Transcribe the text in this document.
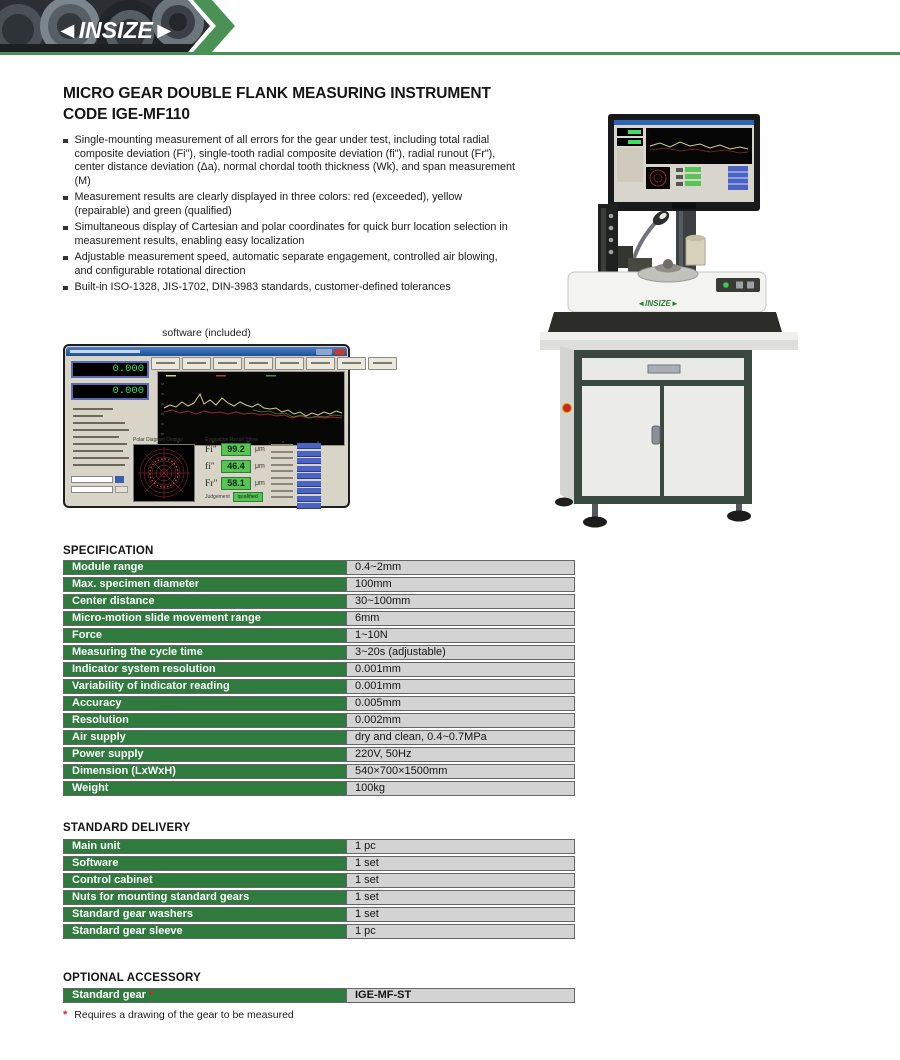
◄INSIZE►
MICRO GEAR DOUBLE FLANK MEASURING INSTRUMENT
CODE IGE-MF110
Single-mounting measurement of all errors for the gear under test, including total radial composite deviation (Fi"), single-tooth radial composite deviation (fi"), radial runout (Fr"), center distance deviation (Δa), normal chordal tooth thickness (Wk), and span measurement (M)
Measurement results are clearly displayed in three colors: red (exceeded), yellow (repairable) and green (qualified)
Simultaneous display of Cartesian and polar coordinates for quick burr location selection in measurement results, enabling easy localization
Adjustable measurement speed, automatic separate engagement, controlled air blowing, and configurable rotational direction
Built-in ISO-1328, JIS-1702, DIN-3983 standards, customer-defined tolerances
software (included)
0.000
0.000
Polar Diagram Display	Evaluation Result Show
Fi"	99.2	μm
fi"	46.4	μm
Fr"	58.1	μm
Judgement	qualified
◄INSIZE►
SPECIFICATION
Module range	0.4~2mm
Max. specimen diameter	100mm
Center distance	30~100mm
Micro-motion slide movement range	6mm
Force	1~10N
Measuring the cycle time	3~20s (adjustable)
Indicator system resolution	0.001mm
Variability of indicator reading	0.001mm
Accuracy	0.005mm
Resolution	0.002mm
Air supply	dry and clean, 0.4~0.7MPa
Power supply	220V, 50Hz
Dimension (LxWxH)	540×700×1500mm
Weight	100kg
STANDARD DELIVERY
Main unit	1 pc
Software	1 set
Control cabinet	1 set
Nuts for mounting standard gears	1 set
Standard gear washers	1 set
Standard gear sleeve	1 pc
OPTIONAL ACCESSORY
Standard gear *	IGE-MF-ST
* Requires a drawing of the gear to be measured
